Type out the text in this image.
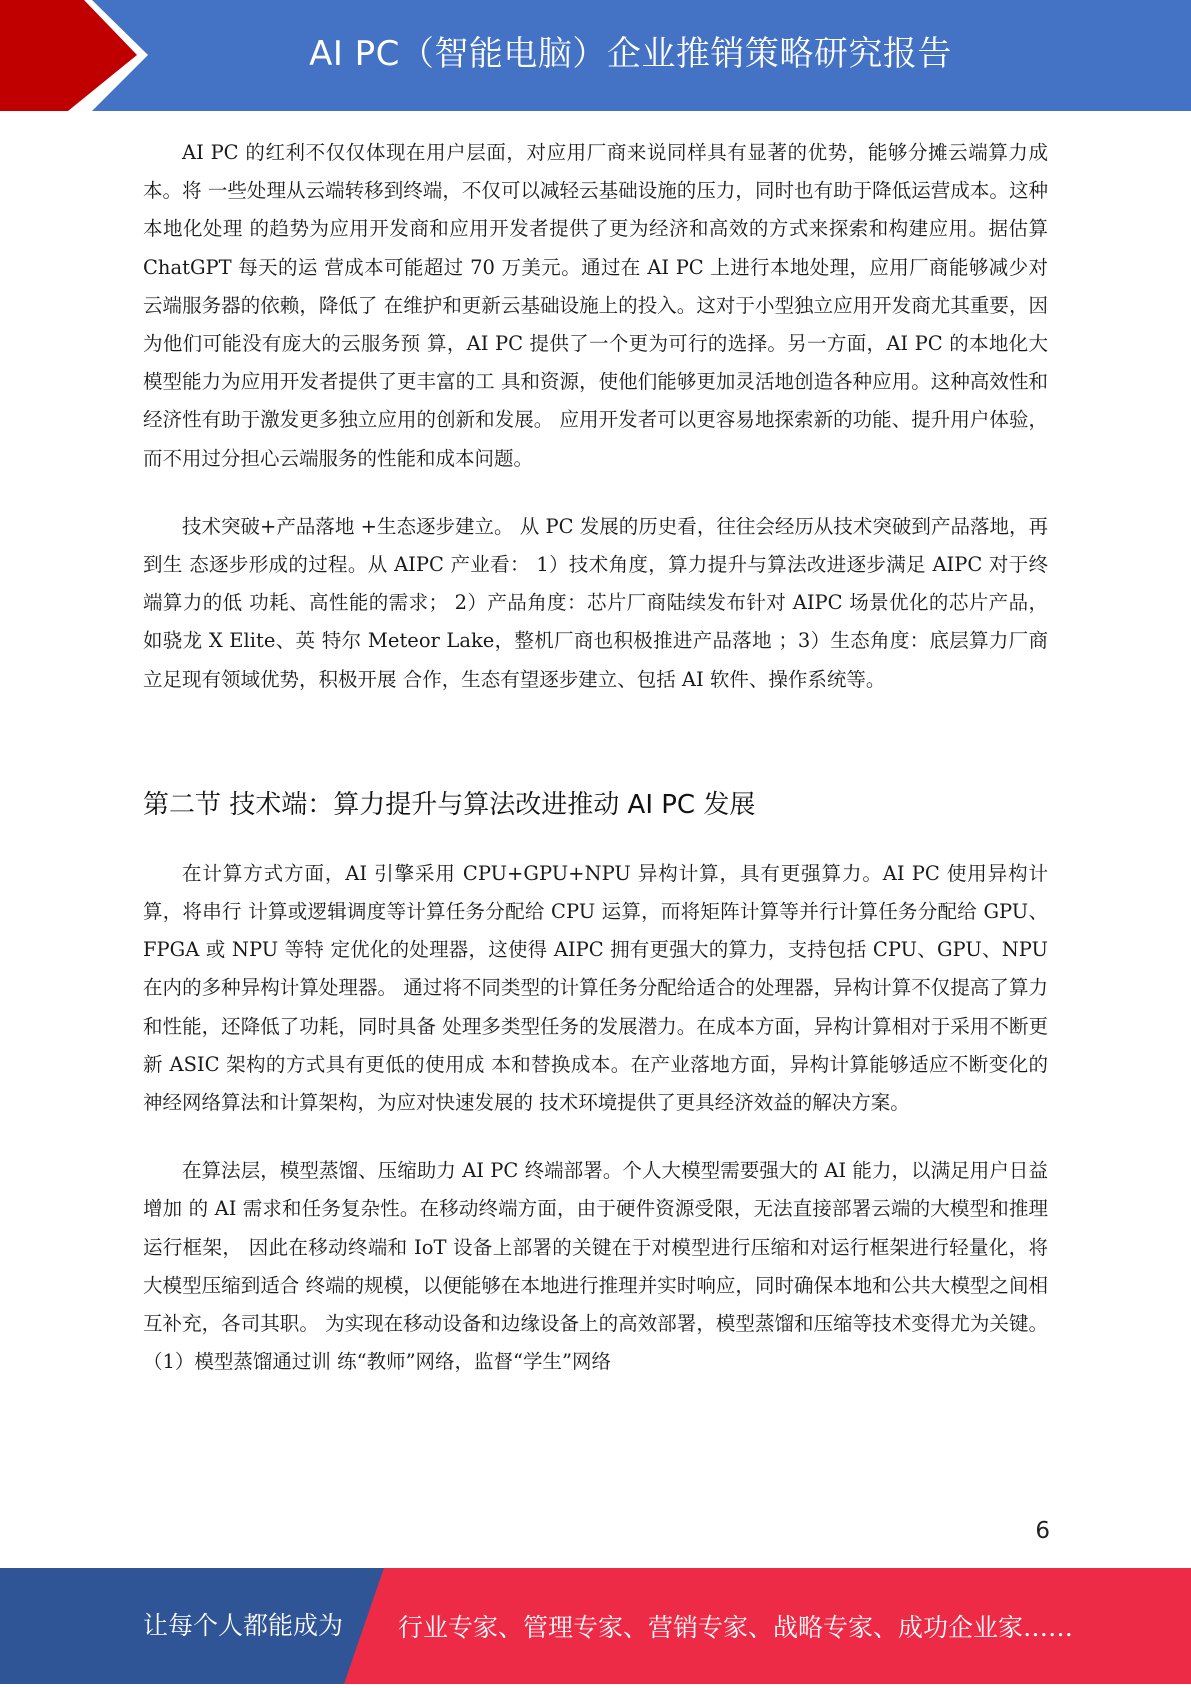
AI PC（智能电脑）企业推销策略研究报告

AI PC 的红利不仅仅体现在用户层面，对应用厂商来说同样具有显著的优势，能够分摊云端算力成本。将 一些处理从云端转移到终端，不仅可以减轻云基础设施的压力，同时也有助于降低运营成本。这种本地化处理 的趋势为应用开发商和应用开发者提供了更为经济和高效的方式来探索和构建应用。据估算 ChatGPT 每天的运 营成本可能超过 70 万美元。通过在 AI PC 上进行本地处理，应用厂商能够减少对云端服务器的依赖，降低了 在维护和更新云基础设施上的投入。这对于小型独立应用开发商尤其重要，因为他们可能没有庞大的云服务预 算，AI PC 提供了一个更为可行的选择。另一方面，AI PC 的本地化大模型能力为应用开发者提供了更丰富的工 具和资源，使他们能够更加灵活地创造各种应用。这种高效性和经济性有助于激发更多独立应用的创新和发展。 应用开发者可以更容易地探索新的功能、提升用户体验，而不用过分担心云端服务的性能和成本问题。

技术突破+产品落地 +生态逐步建立。 从 PC 发展的历史看，往往会经历从技术突破到产品落地，再到生 态逐步形成的过程。从 AIPC 产业看： 1）技术角度，算力提升与算法改进逐步满足 AIPC 对于终端算力的低 功耗、高性能的需求； 2）产品角度：芯片厂商陆续发布针对 AIPC 场景优化的芯片产品，如骁龙 X Elite、英 特尔 Meteor Lake，整机厂商也积极推进产品落地 ；3）生态角度：底层算力厂商立足现有领域优势，积极开展 合作，生态有望逐步建立、包括 AI 软件、操作系统等。

第二节 技术端：算力提升与算法改进推动 AI PC 发展

在计算方式方面，AI 引擎采用 CPU+GPU+NPU 异构计算，具有更强算力。AI PC 使用异构计算，将串行 计算或逻辑调度等计算任务分配给 CPU 运算，而将矩阵计算等并行计算任务分配给 GPU、FPGA 或 NPU 等特 定优化的处理器，这使得 AIPC 拥有更强大的算力，支持包括 CPU、GPU、NPU 在内的多种异构计算处理器。 通过将不同类型的计算任务分配给适合的处理器，异构计算不仅提高了算力和性能，还降低了功耗，同时具备 处理多类型任务的发展潜力。在成本方面，异构计算相对于采用不断更新 ASIC 架构的方式具有更低的使用成 本和替换成本。在产业落地方面，异构计算能够适应不断变化的神经网络算法和计算架构，为应对快速发展的 技术环境提供了更具经济效益的解决方案。

在算法层，模型蒸馏、压缩助力 AI PC 终端部署。个人大模型需要强大的 AI 能力，以满足用户日益增加 的 AI 需求和任务复杂性。在移动终端方面，由于硬件资源受限，无法直接部署云端的大模型和推理运行框架， 因此在移动终端和 IoT 设备上部署的关键在于对模型进行压缩和对运行框架进行轻量化，将大模型压缩到适合 终端的规模，以便能够在本地进行推理并实时响应，同时确保本地和公共大模型之间相互补充，各司其职。 为实现在移动设备和边缘设备上的高效部署，模型蒸馏和压缩等技术变得尤为关键。（1）模型蒸馏通过训 练“教师”网络，监督“学生”网络

6
让每个人都能成为 行业专家、管理专家、营销专家、战略专家、成功企业家……
